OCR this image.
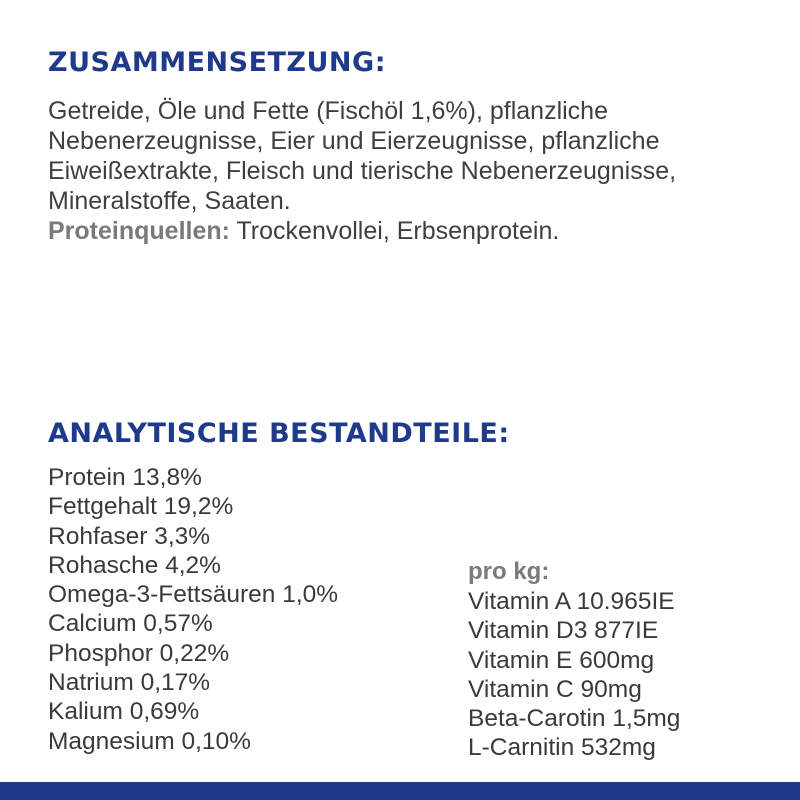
ZUSAMMENSETZUNG:

Getreide, Öle und Fette (Fischöl 1,6%), pflanzliche Nebenerzeugnisse, Eier und Eierzeugnisse, pflanzliche Eiweißextrakte, Fleisch und tierische Nebenerzeugnisse, Mineralstoffe, Saaten.
Proteinquellen: Trockenvollei, Erbsenprotein.

ANALYTISCHE BESTANDTEILE:
Protein 13,8%
Fettgehalt 19,2%
Rohfaser 3,3%
Rohasche 4,2%
Omega-3-Fettsäuren 1,0%
Calcium 0,57%
Phosphor 0,22%
Natrium 0,17%
Kalium 0,69%
Magnesium 0,10%

pro kg:

Vitamin A 10.965IE
Vitamin D3 877IE
Vitamin E 600mg
Vitamin C 90mg
Beta-Carotin 1,5mg
L-Carnitin 532mg
